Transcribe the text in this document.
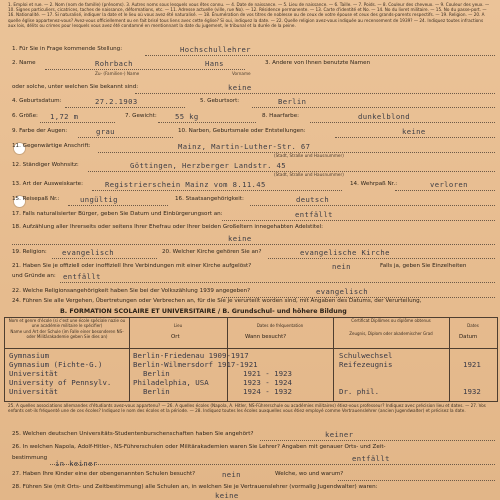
1. Emploi et rue. — 2. Nom (nom de famille) (prénoms). 3. Autres noms sous lesquels vous êtes connu. — 4. Date de naissance. — 5. Lieu de naissance. — 6. Taille. — 7. Poids. — 8. Couleur des cheveux. — 9. Couleur des yeux. — 10. Signes particuliers, cicatrices, taches de naissance, déformations, etc. — 11. Adresse actuelle (ville, rue No). — 12. Résidence permanente. — 13. Carte d'identité et No. — 14. No du livret militaire. — 15. No du passe-port. — 16. Nationalité. — 17. Si naturalisé, indiquer la date et le lieu où vous avez été naturalisé. — 18. Énumération de vos titres de noblesse ou de ceux de votre épouse et ceux des grands-parents respectifs. — 19. Religion. — 20. A quelle église appartenez-vous? Avez-vous officiellement ou en fait brisé tous liens avec cette église? Si oui, indiquez la date. — 22. Quelle religion avez-vous indiquée au recensement de 1939? — 24. Indiquez toutes infractions aux lois, délits ou crimes pour lesquels vous avez été condamné en mentionnant la date du jugement, le tribunal et la durée de la peine.
1. Für Sie in Frage kommende Stellung:	Hochschullehrer
2. Name	Rohrbach	Hans	3. Andere von Ihnen benutzte Namen
Zu- (Familien-) Name	Vorname
oder solche, unter welchen Sie bekannt sind:	keine
4. Geburtsdatum:	27.2.1903	5. Geburtsort:	Berlin
6. Größe: 1,72 m	7. Gewicht:	55 kg	8. Haarfarbe:	dunkelblond
9. Farbe der Augen:	grau	10. Narben, Geburtsmale oder Entstellungen:	keine
11. Gegenwärtige Anschrift:	Mainz, Martin-Luther-Str. 67
(Stadt, Straße und Hausnummer)
12. Ständiger Wohnsitz:	Göttingen, Herzberger Landstr. 45
(Stadt, Straße und Hausnummer)
13. Art der Ausweiskarte:	Registrierschein Mainz vom 8.11.45	14. Wehrpaß Nr.:	verloren
15. Reisepaß Nr.:	ungültig	16. Staatsangehörigkeit:	deutsch
17. Falls naturalisierter Bürger, geben Sie Datum und Einbürgerungsort an:	entfällt
18. Aufzählung aller Ihrerseits oder seitens Ihrer Ehefrau oder Ihrer beiden Großeltern innegehabten Adelstitel:
keine
19. Religion: evangelisch	20. Welcher Kirche gehören Sie an?	evangelische Kirche
21. Haben Sie je offiziell oder inoffiziell Ihre Verbindungen mit einer Kirche aufgelöst?	nein	Falls ja, geben Sie Einzelheiten
und Gründe an: entfällt
22. Welche Religionsangehörigkeit haben Sie bei der Volkszählung 1939 angegeben?	evangelisch
24. Führen Sie alle Vergehen, Übertretungen oder Verbrechen an, für die Sie je verurteilt worden sind, mit Angaben des Datums, der Verurteilung,
B. FORMATION SCOLAIRE ET UNIVERSITAIRE / B. Grundschul- und höhere Bildung
Nom et genre d'école (si c'est une école spéciale nazie ou une académie militaire le spécifier)
Name und Art der Schule (im Falle einer besonderen NS- oder Militärakademie geben Sie dies an)
Lieu
Ort
Dates de fréquentation
Wann besucht?
Certificat Diplômes ou diplôme obtenus
Zeugnis, Diplom oder akademischer Grad
Dates
Datum
Gymnasium	Berlin-Friedenau 1909-1917	Schulwechsel
Gymnasium (Fichte-G.)	Berlin-Wilmersdorf 1917-1921	Reifezeugnis	1921
Universität	Berlin	1921 - 1923
University of Pennsylv.	Philadelphia, USA	1923 - 1924
Universität	Berlin	1924 - 1932	Dr. phil.	1932
25. A quelles associations allemandes d'étudiants avez-vous appartenu? — 26. A quelles écoles (Napola, A. Hitler, NS-Führerschule ou académies militaires) étiez-vous professeur? Indiquez avec précision lieu et dates. — 27. Vos enfants ont-ils fréquenté une de ces écoles? Indiquez le nom des écoles et la période. — 28. Indiquez toutes les écoles auxquelles vous étiez employé comme Vertrauenslehrer (ancien Jugendwalter) et précisez la date.
25. Welchen deutschen Universitäts-Studentenburschenschaften haben Sie angehört?	keiner
26. In welchen Napola, Adolf-Hitler-, NS-Führerschulen oder Militärakademien waren Sie Lehrer? Angaben mit genauer Orts- und Zeit-
bestimmung
in keiner
entfällt
27. Haben Ihre Kinder eine der obengenannten Schulen besucht?	nein	Welche, wo und warum?
28. Führen Sie (mit Orts- und Zeitbestimmung) alle Schulen an, in welchen Sie je Vertrauenslehrer (vormalig Jugendwalter) waren:
keine
